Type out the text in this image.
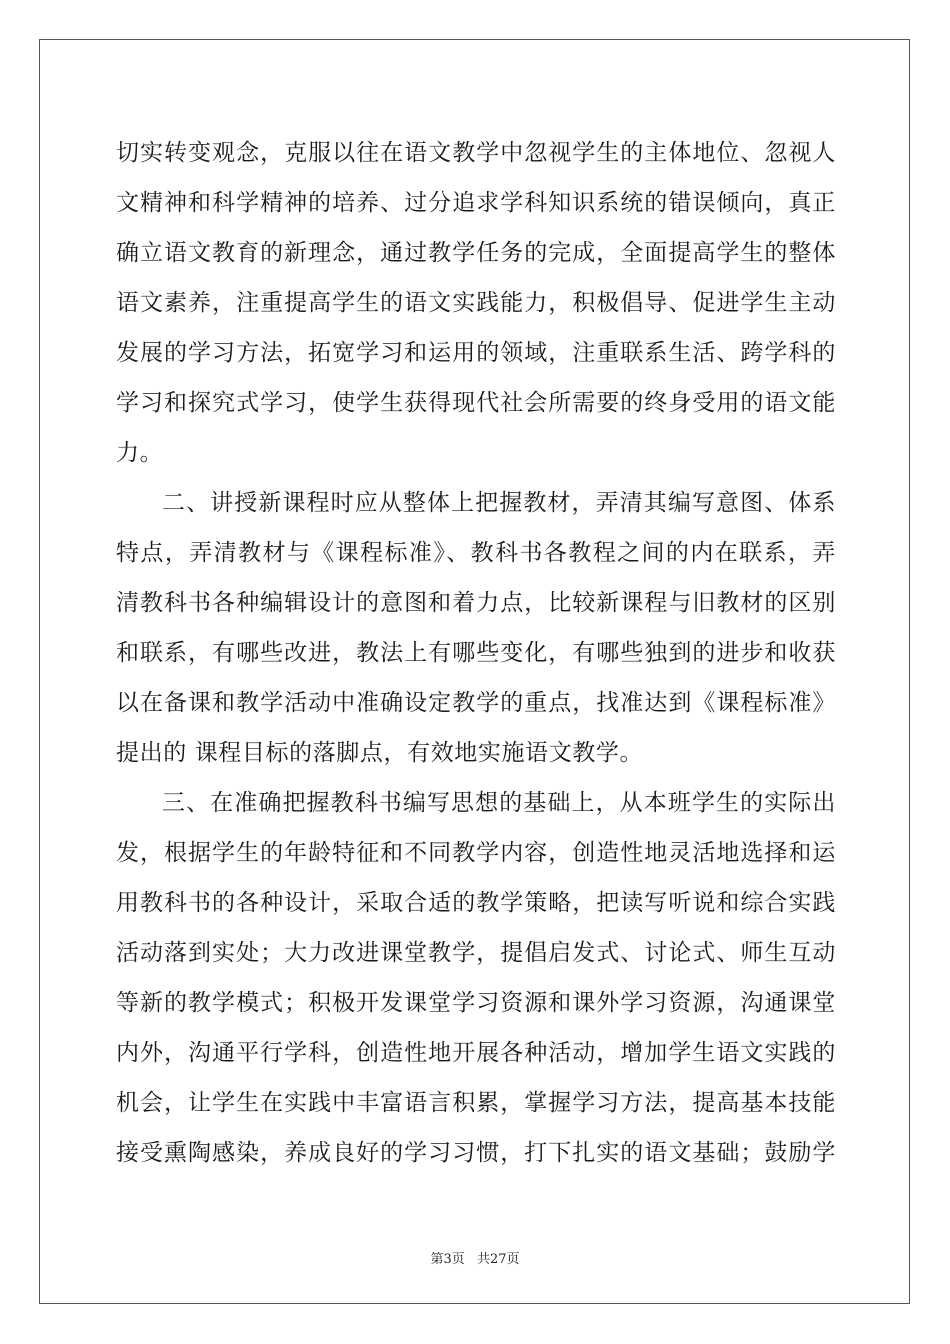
切实转变观念，克服以往在语文教学中忽视学生的主体地位、忽视人
文精神和科学精神的培养、过分追求学科知识系统的错误倾向，真正
确立语文教育的新理念，通过教学任务的完成，全面提高学生的整体
语文素养，注重提高学生的语文实践能力，积极倡导、促进学生主动
发展的学习方法，拓宽学习和运用的领域，注重联系生活、跨学科的
学习和探究式学习，使学生获得现代社会所需要的终身受用的语文能
力。
二、讲授新课程时应从整体上把握教材，弄清其编写意图、体系
特点，弄清教材与《课程标准》、教科书各教程之间的内在联系，弄
清教科书各种编辑设计的意图和着力点，比较新课程与旧教材的区别
和联系，有哪些改进，教法上有哪些变化，有哪些独到的进步和收获
以在备课和教学活动中准确设定教学的重点，找准达到《课程标准》
提出的 课程目标的落脚点，有效地实施语文教学。
三、在准确把握教科书编写思想的基础上，从本班学生的实际出
发，根据学生的年龄特征和不同教学内容，创造性地灵活地选择和运
用教科书的各种设计，采取合适的教学策略，把读写听说和综合实践
活动落到实处；大力改进课堂教学，提倡启发式、讨论式、师生互动
等新的教学模式；积极开发课堂学习资源和课外学习资源，沟通课堂
内外，沟通平行学科，创造性地开展各种活动，增加学生语文实践的
机会，让学生在实践中丰富语言积累，掌握学习方法，提高基本技能
接受熏陶感染，养成良好的学习习惯，打下扎实的语文基础；鼓励学
第3页 共27页
